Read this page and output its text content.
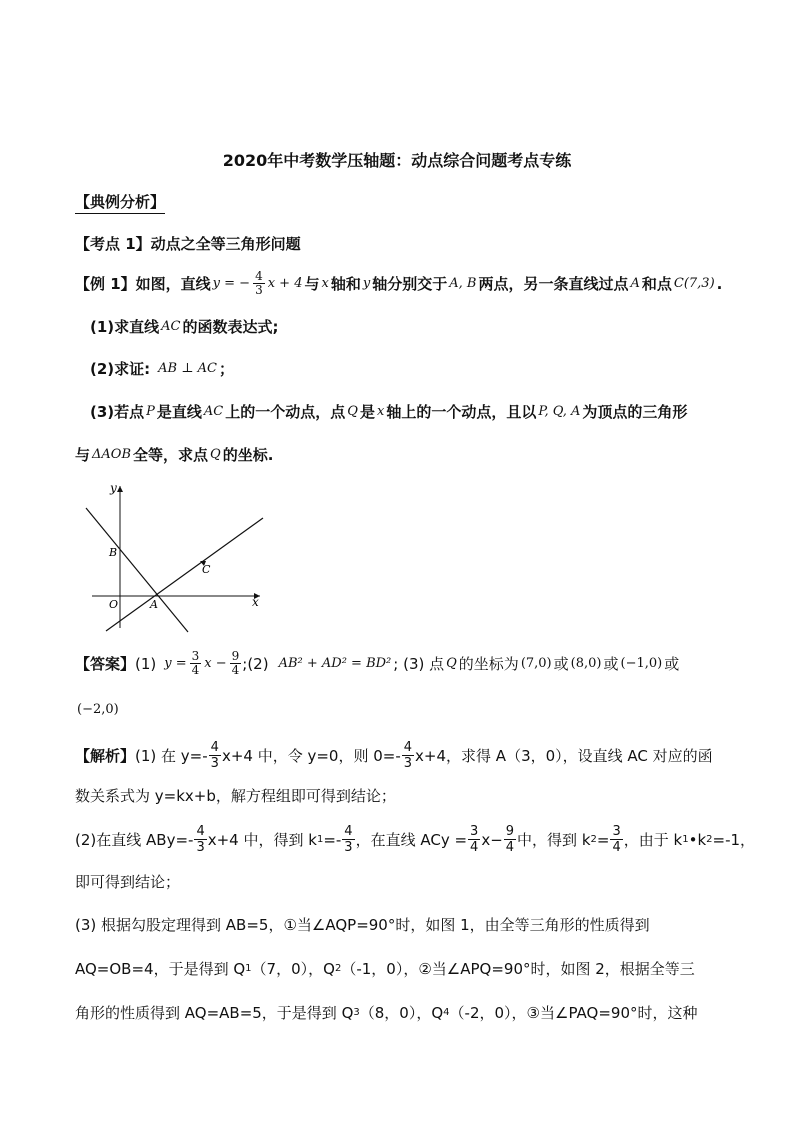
2020年中考数学压轴题：动点综合问题考点专练
【典例分析】
【考点 1】动点之全等三角形问题
【例 1】如图，直线 y = − $\frac{4}{3}$ x + 4 与 x 轴和 y 轴分别交于 A, B 两点，另一条直线过点 A 和点 C(7,3) .
(1)求直线 AC 的函数表达式;
(2)求证: AB ⊥ AC ；
(3)若点 P 是直线 AC 上的一个动点，点 Q 是 x 轴上的一个动点，且以 P, Q, A 为顶点的三角形
与 ΔAOB 全等，求点 Q 的坐标.
x
y
O	A
B
C
【答案】 (1) $y = \frac{3}{4}$ $x - \frac{9}{4}$ ;(2) AB² + AD² = BD² ; (3) 点 Q 的坐标为 (7,0) 或 (8,0) 或 (−1,0) 或
(−2,0)
【解析】 (1) 在 $y=- \frac{4}{3} x+4$ 中，令 y=0，则 $0=- \frac{4}{3} x+4$，求得 A（3，0），设直线 AC 对应的函
数关系式为 y=kx+b，解方程组即可得到结论；
(2)在直线 $ABy=- \frac{4}{3} x+4$ 中，得到 k $1 =- \frac{4}{3}$ ，在直线 ACy = $\frac{3}{4} x- \frac{9}{4}$ 中，得到 k $2 = \frac{3}{4}$ ，由于 k 1 •k 2 =-1，
即可得到结论；
(3) 根据勾股定理得到 AB=5，①当∠AQP=90°时，如图 1，由全等三角形的性质得到
AQ=OB=4，于是得到 Q 1 （7，0），Q 2 （-1，0），②当∠APQ=90°时，如图 2，根据全等三
角形的性质得到 AQ=AB=5，于是得到 Q 3 （8，0），Q 4 （-2，0），③当∠PAQ=90°时，这种
